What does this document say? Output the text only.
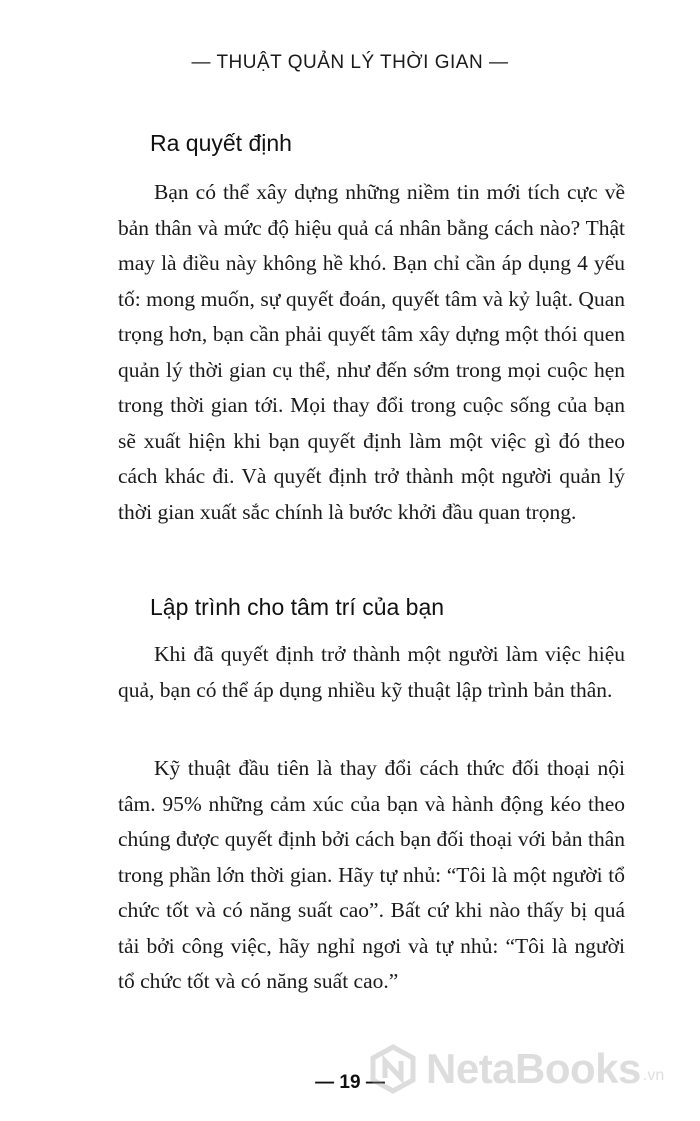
— THUẬT QUẢN LÝ THỜI GIAN —
Ra quyết định

Bạn có thể xây dựng những niềm tin mới tích cực về bản thân và mức độ hiệu quả cá nhân bằng cách nào? Thật may là điều này không hề khó. Bạn chỉ cần áp dụng 4 yếu tố: mong muốn, sự quyết đoán, quyết tâm và kỷ luật. Quan trọng hơn, bạn cần phải quyết tâm xây dựng một thói quen quản lý thời gian cụ thể, như đến sớm trong mọi cuộc hẹn trong thời gian tới. Mọi thay đổi trong cuộc sống của bạn sẽ xuất hiện khi bạn quyết định làm một việc gì đó theo cách khác đi. Và quyết định trở thành một người quản lý thời gian xuất sắc chính là bước khởi đầu quan trọng.

Lập trình cho tâm trí của bạn

Khi đã quyết định trở thành một người làm việc hiệu quả, bạn có thể áp dụng nhiều kỹ thuật lập trình bản thân.

Kỹ thuật đầu tiên là thay đổi cách thức đối thoại nội tâm. 95% những cảm xúc của bạn và hành động kéo theo chúng được quyết định bởi cách bạn đối thoại với bản thân trong phần lớn thời gian. Hãy tự nhủ: “Tôi là một người tổ chức tốt và có năng suất cao”. Bất cứ khi nào thấy bị quá tải bởi công việc, hãy nghỉ ngơi và tự nhủ: “Tôi là người tổ chức tốt và có năng suất cao.”

— 19 — NetaBooks .vn
